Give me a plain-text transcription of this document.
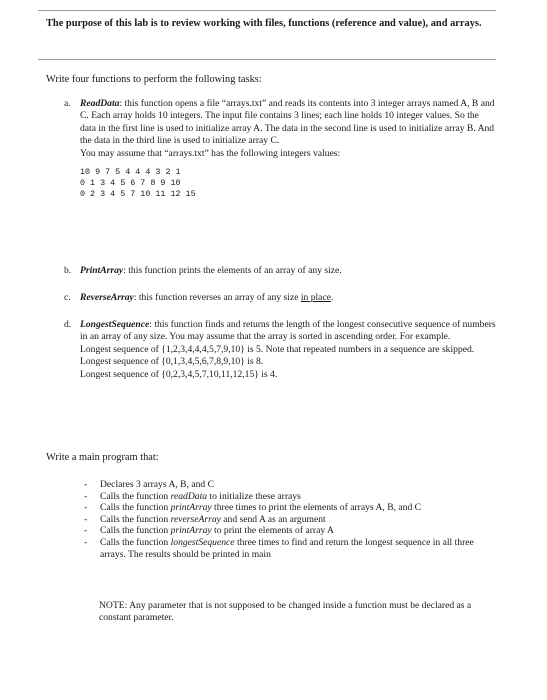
The purpose of this lab is to review working with files, functions (reference and value), and arrays.
Write four functions to perform the following tasks:
a. ReadData: this function opens a file “arrays.txt” and reads its contents into 3 integer arrays named A, B and C. Each array holds 10 integers. The input file contains 3 lines; each line holds 10 integer values. So the data in the first line is used to initialize array A. The data in the second line is used to initialize array B. And the data in the third line is used to initialize array C.

You may assume that “arrays.txt” has the following integers values:

10 9 7 5 4 4 4 3 2 1
0 1 3 4 5 6 7 8 9 10
0 2 3 4 5 7 10 11 12 15
b. PrintArray: this function prints the elements of an array of any size.

c. ReverseArray: this function reverses an array of any size in place.

d. LongestSequence: this function finds and returns the length of the longest consecutive sequence of numbers in an array of any size. You may assume that the array is sorted in ascending order. For example.

Longest sequence of {1,2,3,4,4,4,5,7,9,10} is 5. Note that repeated numbers in a sequence are skipped.

Longest sequence of {0,1,3,4,5,6,7,8,9,10} is 8.

Longest sequence of {0,2,3,4,5,7,10,11,12,15} is 4.

Write a main program that:
- Declares 3 arrays A, B, and C
- Calls the function readData to initialize these arrays
- Calls the function printArray three times to print the elements of arrays A, B, and C
- Calls the function reverseArray and send A as an argument
- Calls the function printArray to print the elements of array A
- Calls the function longestSequence three times to find and return the longest sequence in all three arrays. The results should be printed in main
NOTE: Any parameter that is not supposed to be changed inside a function must be declared as a constant parameter.
